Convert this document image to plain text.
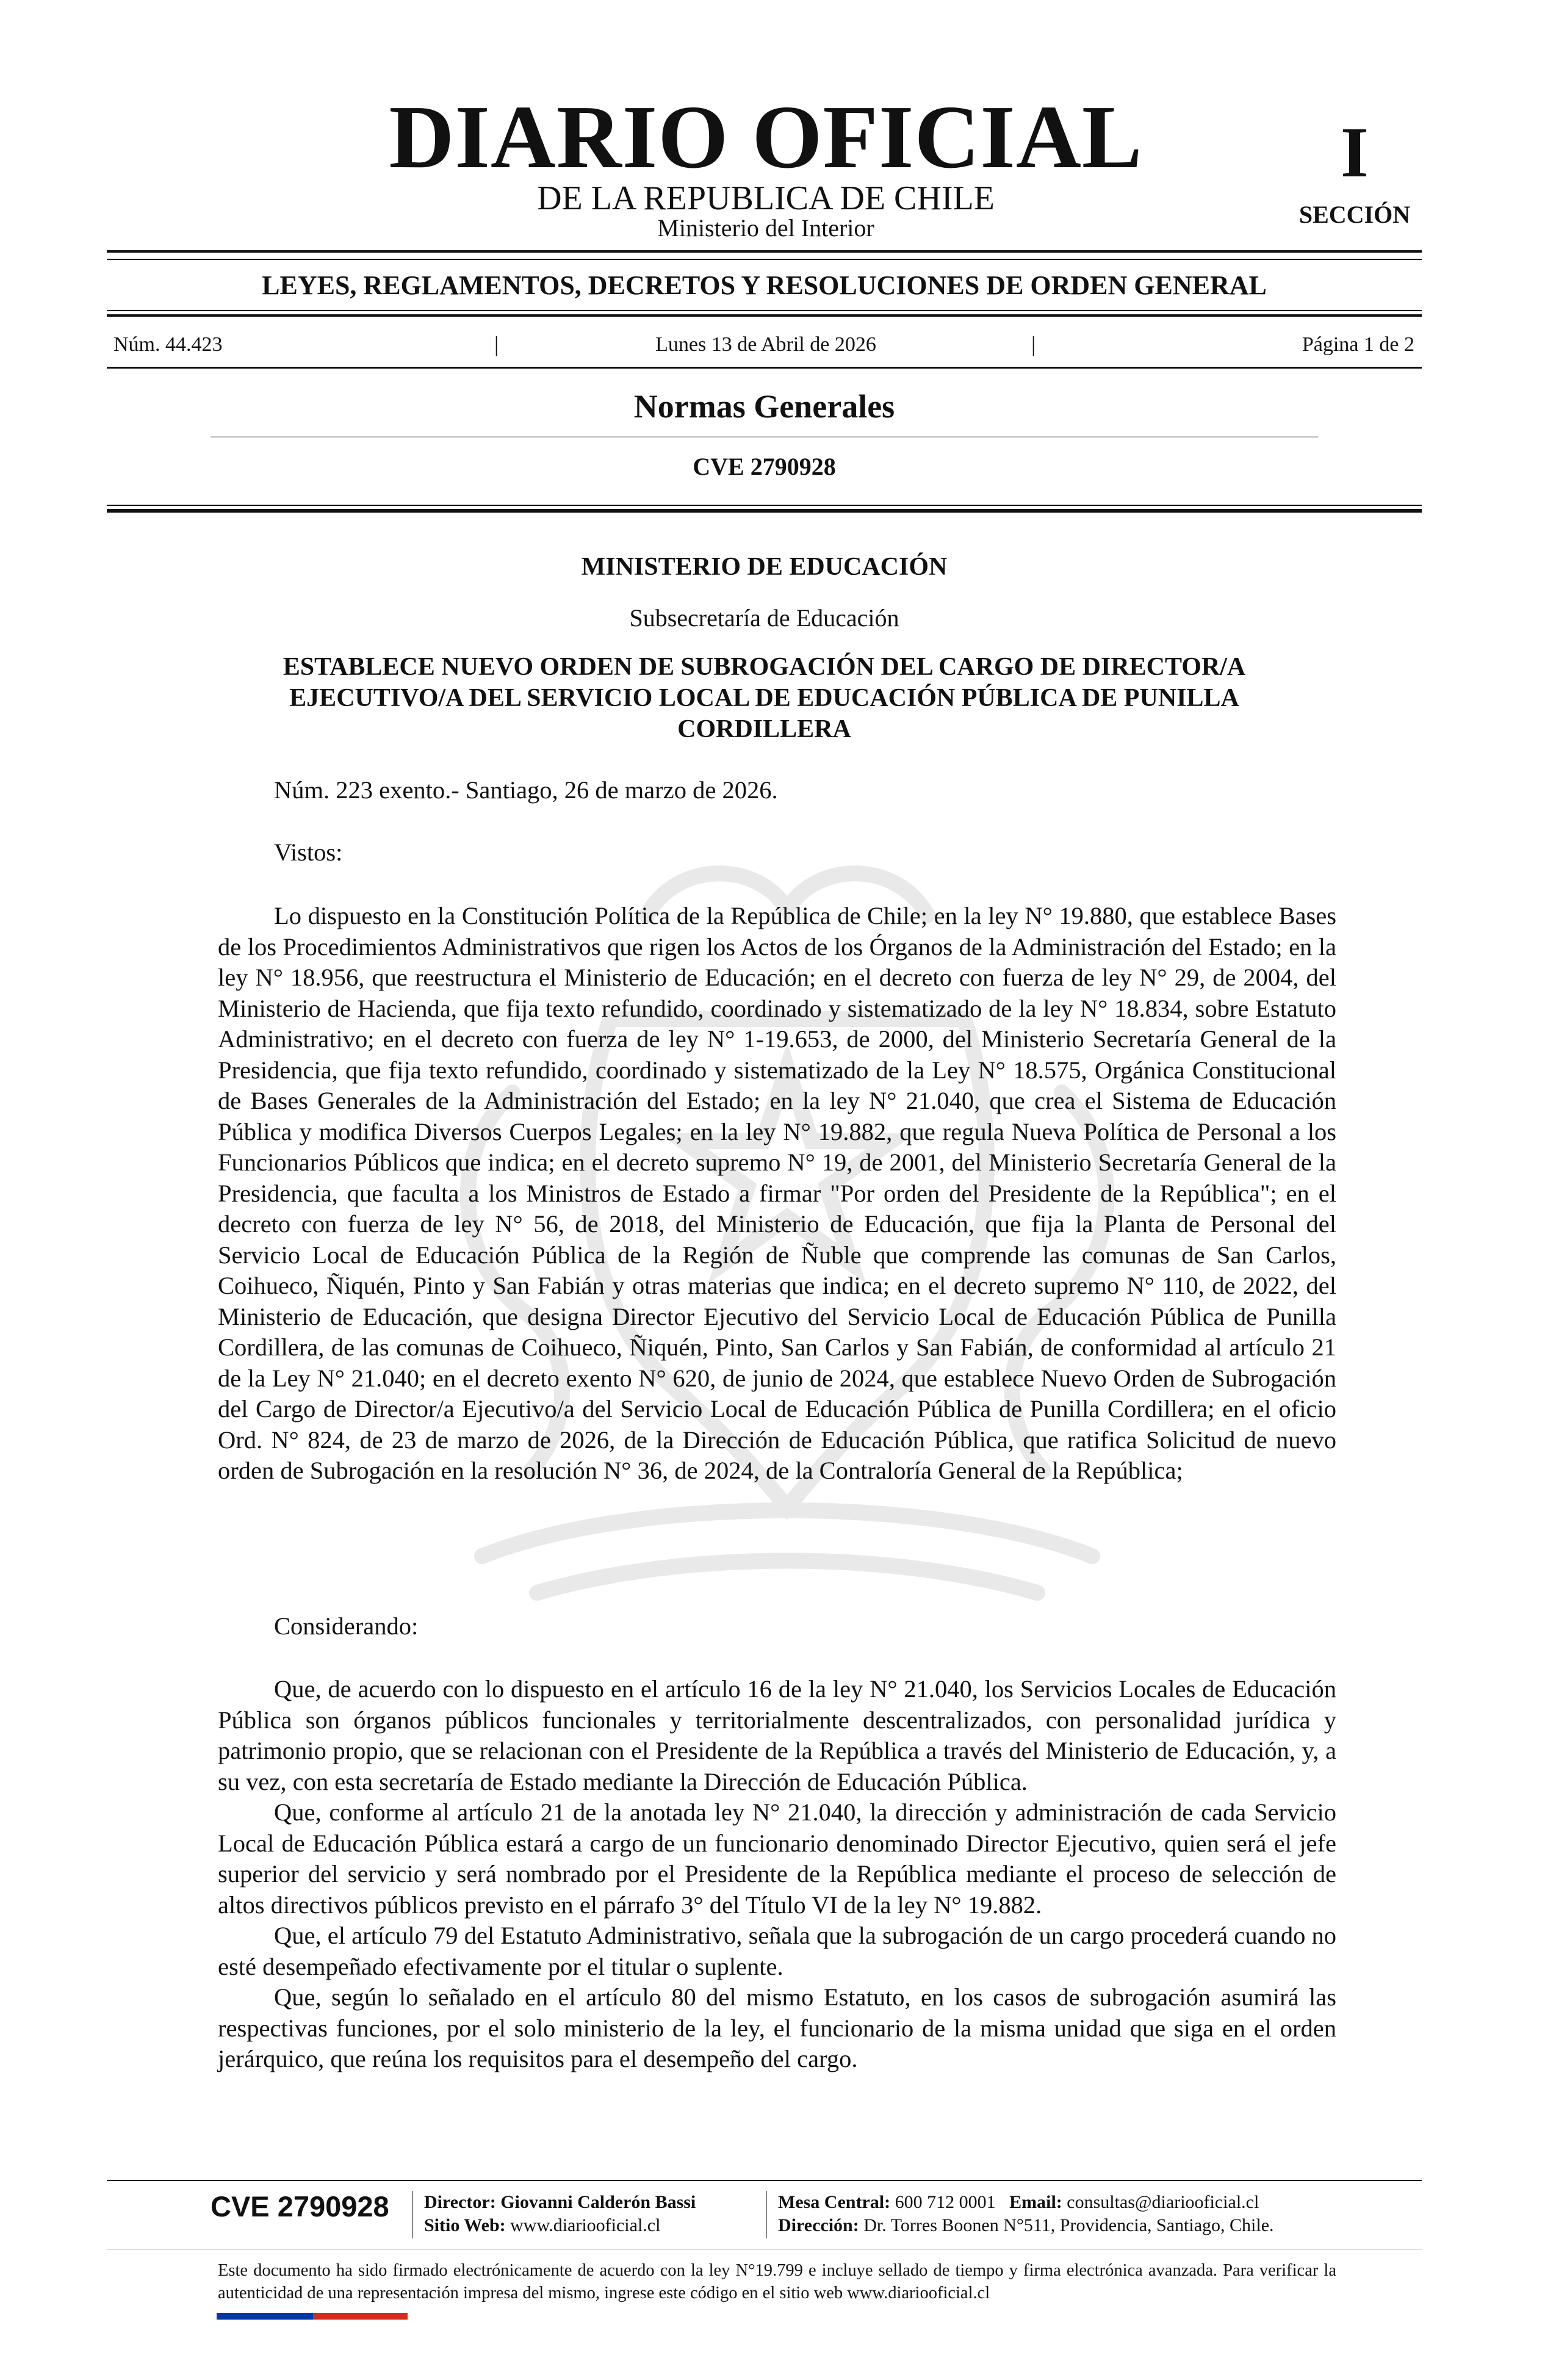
DIARIO OFICIAL
DE LA REPUBLICA DE CHILE
Ministerio del Interior
I
SECCIÓN
LEYES, REGLAMENTOS, DECRETOS Y RESOLUCIONES DE ORDEN GENERAL
Núm. 44.423	|	Lunes 13 de Abril de 2026	|	Página 1 de 2
Normas Generales
CVE 2790928
MINISTERIO DE EDUCACIÓN
Subsecretaría de Educación
ESTABLECE NUEVO ORDEN DE SUBROGACIÓN DEL CARGO DE DIRECTOR/A EJECUTIVO/A DEL SERVICIO LOCAL DE EDUCACIÓN PÚBLICA DE PUNILLA CORDILLERA
Núm. 223 exento.- Santiago, 26 de marzo de 2026.
Vistos:

Lo dispuesto en la Constitución Política de la República de Chile; en la ley N° 19.880, que establece Bases de los Procedimientos Administrativos que rigen los Actos de los Órganos de la Administración del Estado; en la ley N° 18.956, que reestructura el Ministerio de Educación; en el decreto con fuerza de ley N° 29, de 2004, del Ministerio de Hacienda, que fija texto refundido, coordinado y sistematizado de la ley N° 18.834, sobre Estatuto Administrativo; en el decreto con fuerza de ley N° 1-19.653, de 2000, del Ministerio Secretaría General de la Presidencia, que fija texto refundido, coordinado y sistematizado de la Ley N° 18.575, Orgánica Constitucional de Bases Generales de la Administración del Estado; en la ley N° 21.040, que crea el Sistema de Educación Pública y modifica Diversos Cuerpos Legales; en la ley N° 19.882, que regula Nueva Política de Personal a los Funcionarios Públicos que indica; en el decreto supremo N° 19, de 2001, del Ministerio Secretaría General de la Presidencia, que faculta a los Ministros de Estado a firmar "Por orden del Presidente de la República"; en el decreto con fuerza de ley N° 56, de 2018, del Ministerio de Educación, que fija la Planta de Personal del Servicio Local de Educación Pública de la Región de Ñuble que comprende las comunas de San Carlos, Coihueco, Ñiquén, Pinto y San Fabián y otras materias que indica; en el decreto supremo N° 110, de 2022, del Ministerio de Educación, que designa Director Ejecutivo del Servicio Local de Educación Pública de Punilla Cordillera, de las comunas de Coihueco, Ñiquén, Pinto, San Carlos y San Fabián, de conformidad al artículo 21 de la Ley N° 21.040; en el decreto exento N° 620, de junio de 2024, que establece Nuevo Orden de Subrogación del Cargo de Director/a Ejecutivo/a del Servicio Local de Educación Pública de Punilla Cordillera; en el oficio Ord. N° 824, de 23 de marzo de 2026, de la Dirección de Educación Pública, que ratifica Solicitud de nuevo orden de Subrogación en la resolución N° 36, de 2024, de la Contraloría General de la República;

Considerando:

Que, de acuerdo con lo dispuesto en el artículo 16 de la ley N° 21.040, los Servicios Locales de Educación Pública son órganos públicos funcionales y territorialmente descentralizados, con personalidad jurídica y patrimonio propio, que se relacionan con el Presidente de la República a través del Ministerio de Educación, y, a su vez, con esta secretaría de Estado mediante la Dirección de Educación Pública.

Que, conforme al artículo 21 de la anotada ley N° 21.040, la dirección y administración de cada Servicio Local de Educación Pública estará a cargo de un funcionario denominado Director Ejecutivo, quien será el jefe superior del servicio y será nombrado por el Presidente de la República mediante el proceso de selección de altos directivos públicos previsto en el párrafo 3° del Título VI de la ley N° 19.882.

Que, el artículo 79 del Estatuto Administrativo, señala que la subrogación de un cargo procederá cuando no esté desempeñado efectivamente por el titular o suplente.

Que, según lo señalado en el artículo 80 del mismo Estatuto, en los casos de subrogación asumirá las respectivas funciones, por el solo ministerio de la ley, el funcionario de la misma unidad que siga en el orden jerárquico, que reúna los requisitos para el desempeño del cargo.

CVE 2790928 Director: Giovanni Calderón Bassi
Sitio Web: www.diariooficial.cl
Mesa Central: 600 712 0001 Email: consultas@diariooficial.cl
Dirección: Dr. Torres Boonen N°511, Providencia, Santiago, Chile.
Este documento ha sido firmado electrónicamente de acuerdo con la ley N°19.799 e incluye sellado de tiempo y firma electrónica avanzada. Para verificar la autenticidad de una representación impresa del mismo, ingrese este código en el sitio web www.diariooficial.cl
